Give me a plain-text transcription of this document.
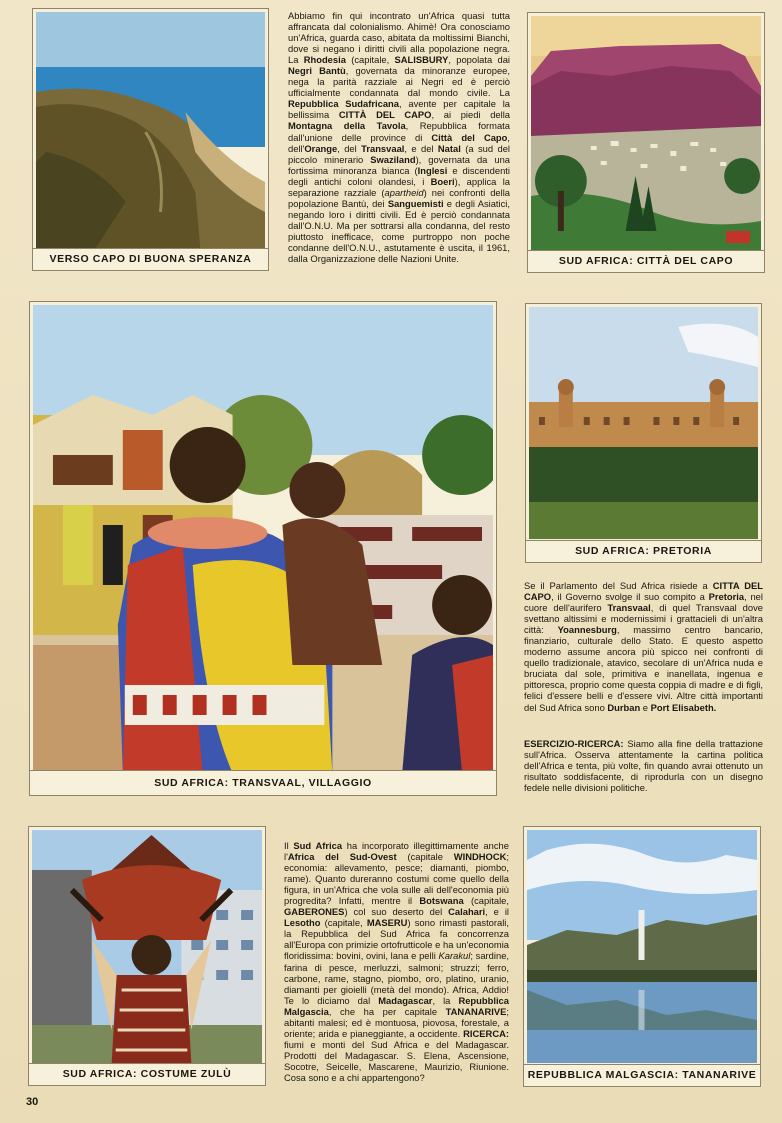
VERSO CAPO DI BUONA SPERANZA

Abbiamo fin qui incontrato un'Africa quasi tutta affrancata dal colonialismo. Ahimè! Ora conosciamo un'Africa, guarda caso, abitata da moltissimi Bianchi, dove si negano i diritti civili alla popolazione negra. La Rhodesia (capitale, SALISBURY, popolata dai Negri Bantù, governata da minoranze europee, nega la parità razziale ai Negri ed è perciò ufficialmente condannata dal mondo civile. La Repubblica Sudafricana, avente per capitale la bellissima CITTÀ DEL CAPO, ai piedi della Montagna della Tavola, Repubblica formata dall'unione delle province di Città del Capo, dell'Orange, del Transvaal, e del Natal (a sud del piccolo minerario Swaziland), governata da una fortissima minoranza bianca (Inglesi e discendenti degli antichi coloni olandesi, i Boeri), applica la separazione razziale (apartheid) nei confronti della popolazione Bantù, dei Sanguemisti e degli Asiatici, negando loro i diritti civili. Ed è perciò condannata dall'O.N.U. Ma per sottrarsi alla condanna, del resto piuttosto inefficace, come purtroppo non poche condanne dell'O.N.U., astutamente è uscita, il 1961, dalla Organizzazione delle Nazioni Unite.	SUD AFRICA: CITTÀ DEL CAPO
SUD AFRICA: TRANSVAAL, VILLAGGIO
SUD AFRICA: PRETORIA

Se il Parlamento del Sud Africa risiede a CITTA DEL CAPO, il Governo svolge il suo compito a Pretoria, nel cuore dell'aurifero Transvaal, di quel Transvaal dove svettano altissimi e modernissimi i grattacieli di un'altra città: Yoannesburg, massimo centro bancario, finanziario, culturale dello Stato. E questo aspetto moderno assume ancora più spicco nei confronti di quello tradizionale, atavico, secolare di un'Africa nuda e bruciata dal sole, primitiva e inanellata, ingenua e pittoresca, proprio come questa coppia di madre e di figli, felici d'essere belli e d'essere vivi. Altre città importanti del Sud Africa sono Durban e Port Elisabeth.

ESERCIZIO-RICERCA: Siamo alla fine della trattazione sull'Africa. Osserva attentamente la cartina politica dell'Africa e tenta, più volte, fin quando avrai ottenuto un risultato soddisfacente, di riprodurla con un disegno fedele nelle divisioni politiche.

SUD AFRICA: COSTUME ZULÙ

Il Sud Africa ha incorporato illegittimamente anche l'Africa del Sud-Ovest (capitale WINDHOCK; economia: allevamento, pesce; diamanti, piombo, rame). Quanto dureranno costumi come quello della figura, in un'Africa che vola sulle ali dell'economia più progredita? Infatti, mentre il Botswana (capitale, GABERONES) col suo deserto del Calahari, e il Lesotho (capitale, MASERU) sono rimasti pastorali, la Repubblica del Sud Africa fa concorrenza all'Europa con primizie ortofrutticole e ha un'economia floridissima: bovini, ovini, lana e pelli Karakul; sardine, farina di pesce, merluzzi, salmoni; struzzi; ferro, carbone, rame, stagno, piombo, oro, platino, uranio, diamanti per gioielli (metà del mondo). Africa, Addio! Te lo diciamo dal Madagascar, la Repubblica Malgascia, che ha per capitale TANANARIVE; abitanti malesi; ed è montuosa, piovosa, forestale, a oriente; arida e pianeggiante, a occidente. RICERCA: fiumi e monti del Sud Africa e del Madagascar. Prodotti del Madagascar. S. Elena, Ascensione, Socotre, Seicelle, Mascarene, Maurizio, Riunione. Cosa sono e a chi appartengono?	REPUBBLICA MALGASCIA: TANANARIVE
30
